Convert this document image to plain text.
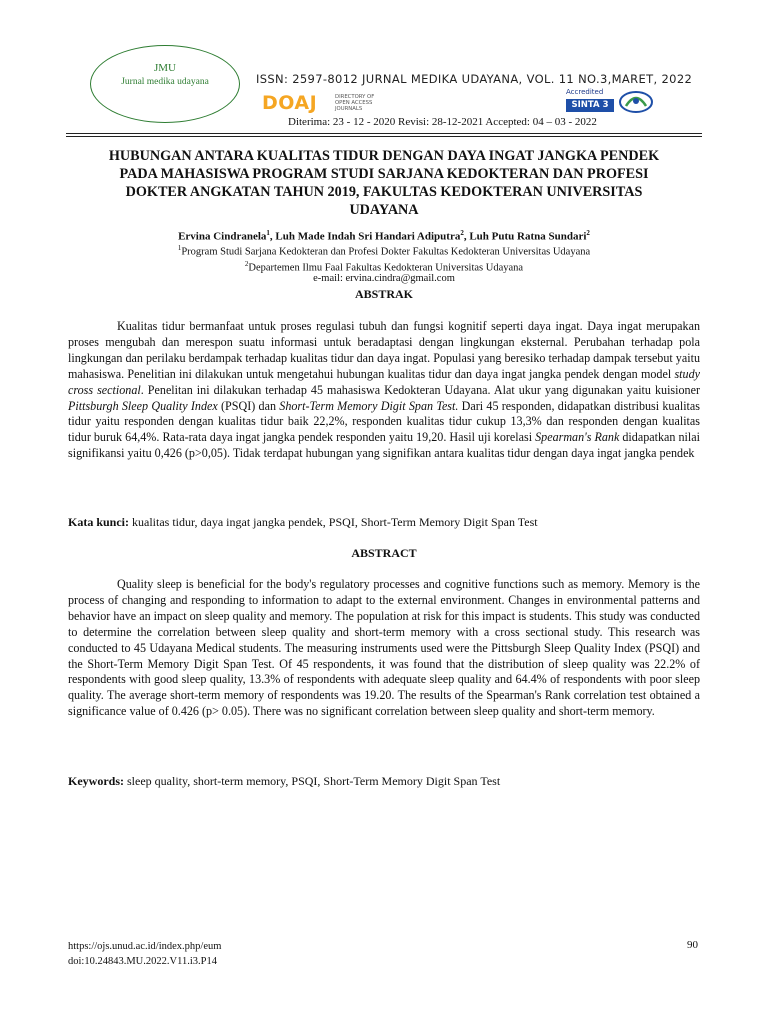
JMU
Jurnal medika udayana	ISSN: 2597-8012 JURNAL MEDIKA UDAYANA, VOL. 11 NO.3,MARET, 2022
DOAJ	DIRECTORY OF
OPEN ACCESS
JOURNALS
Accredited
SINTA 3
Diterima: 23 - 12 - 2020 Revisi: 28-12-2021 Accepted: 04 – 03 - 2022
HUBUNGAN ANTARA KUALITAS TIDUR DENGAN DAYA INGAT JANGKA PENDEK
PADA MAHASISWA PROGRAM STUDI SARJANA KEDOKTERAN DAN PROFESI
DOKTER ANGKATAN TAHUN 2019, FAKULTAS KEDOKTERAN UNIVERSITAS
UDAYANA
Ervina Cindranela$^1$, Luh Made Indah Sri Handari Adiputra$^2$, Luh Putu Ratna Sundari$^2$
$^1$Program Studi Sarjana Kedokteran dan Profesi Dokter Fakultas Kedokteran Universitas Udayana
$^2$Departemen Ilmu Faal Fakultas Kedokteran Universitas Udayana
e-mail: ervina.cindra@gmail.com
ABSTRAK

Kualitas tidur bermanfaat untuk proses regulasi tubuh dan fungsi kognitif seperti daya ingat. Daya ingat merupakan proses mengubah dan merespon suatu informasi untuk beradaptasi dengan lingkungan eksternal. Perubahan terhadap pola lingkungan dan perilaku berdampak terhadap kualitas tidur dan daya ingat. Populasi yang beresiko terhadap dampak tersebut yaitu mahasiswa. Penelitian ini dilakukan untuk mengetahui hubungan kualitas tidur dan daya ingat jangka pendek dengan model study cross sectional. Penelitan ini dilakukan terhadap 45 mahasiswa Kedokteran Udayana. Alat ukur yang digunakan yaitu kuisioner Pittsburgh Sleep Quality Index (PSQI) dan Short-Term Memory Digit Span Test. Dari 45 responden, didapatkan distribusi kualitas tidur yaitu responden dengan kualitas tidur baik 22,2%, responden kualitas tidur cukup 13,3% dan responden dengan kualitas tidur buruk 64,4%. Rata-rata daya ingat jangka pendek responden yaitu 19,20. Hasil uji korelasi Spearman's Rank didapatkan nilai signifikansi yaitu 0,426 (p>0,05). Tidak terdapat hubungan yang signifikan antara kualitas tidur dengan daya ingat jangka pendek

Kata kunci: kualitas tidur, daya ingat jangka pendek, PSQI, Short-Term Memory Digit Span Test
ABSTRACT

Quality sleep is beneficial for the body's regulatory processes and cognitive functions such as memory. Memory is the process of changing and responding to information to adapt to the external environment. Changes in environmental patterns and behavior have an impact on sleep quality and memory. The population at risk for this impact is students. This study was conducted to determine the correlation between sleep quality and short-term memory with a cross sectional study. This research was conducted to 45 Udayana Medical students. The measuring instruments used were the Pittsburgh Sleep Quality Index (PSQI) and the Short-Term Memory Digit Span Test. Of 45 respondents, it was found that the distribution of sleep quality was 22.2% of respondents with good sleep quality, 13.3% of respondents with adequate sleep quality and 64.4% of respondents with poor sleep quality. The average short-term memory of respondents was 19.20. The results of the Spearman's Rank correlation test obtained a significance value of 0.426 (p> 0.05). There was no significant correlation between sleep quality and short-term memory.

Keywords: sleep quality, short-term memory, PSQI, Short-Term Memory Digit Span Test
https://ojs.unud.ac.id/index.php/eum
doi:10.24843.MU.2022.V11.i3.P14
90
